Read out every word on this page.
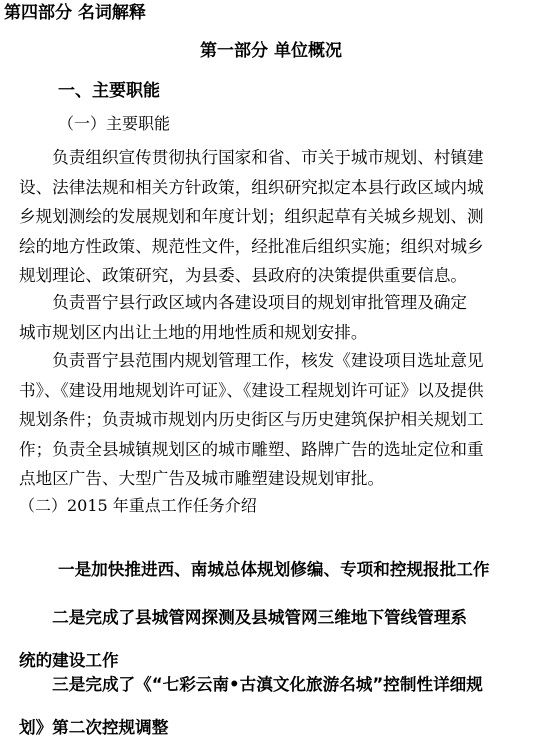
第四部分 名词解释
第一部分 单位概况
一、主要职能
（一）主要职能
　　负责组织宣传贯彻执行国家和省、市关于城市规划、村镇建
设、法律法规和相关方针政策，组织研究拟定本县行政区域内城
乡规划测绘的发展规划和年度计划；组织起草有关城乡规划、测
绘的地方性政策、规范性文件，经批准后组织实施；组织对城乡
规划理论、政策研究，为县委、县政府的决策提供重要信息。
　　负责晋宁县行政区域内各建设项目的规划审批管理及确定
城市规划区内出让土地的用地性质和规划安排。
　　负责晋宁县范围内规划管理工作，核发《建设项目选址意见
书》、《建设用地规划许可证》、《建设工程规划许可证》以及提供
规划条件；负责城市规划内历史街区与历史建筑保护相关规划工
作；负责全县城镇规划区的城市雕塑、路牌广告的选址定位和重
点地区广告、大型广告及城市雕塑建设规划审批。
（二）2015 年重点工作任务介绍
一是加快推进西、南城总体规划修编、专项和控规报批工作
　　二是完成了县城管网探测及县城管网三维地下管线管理系
统的建设工作
　　三是完成了《“七彩云南•古滇文化旅游名城”控制性详细规
划》第二次控规调整
